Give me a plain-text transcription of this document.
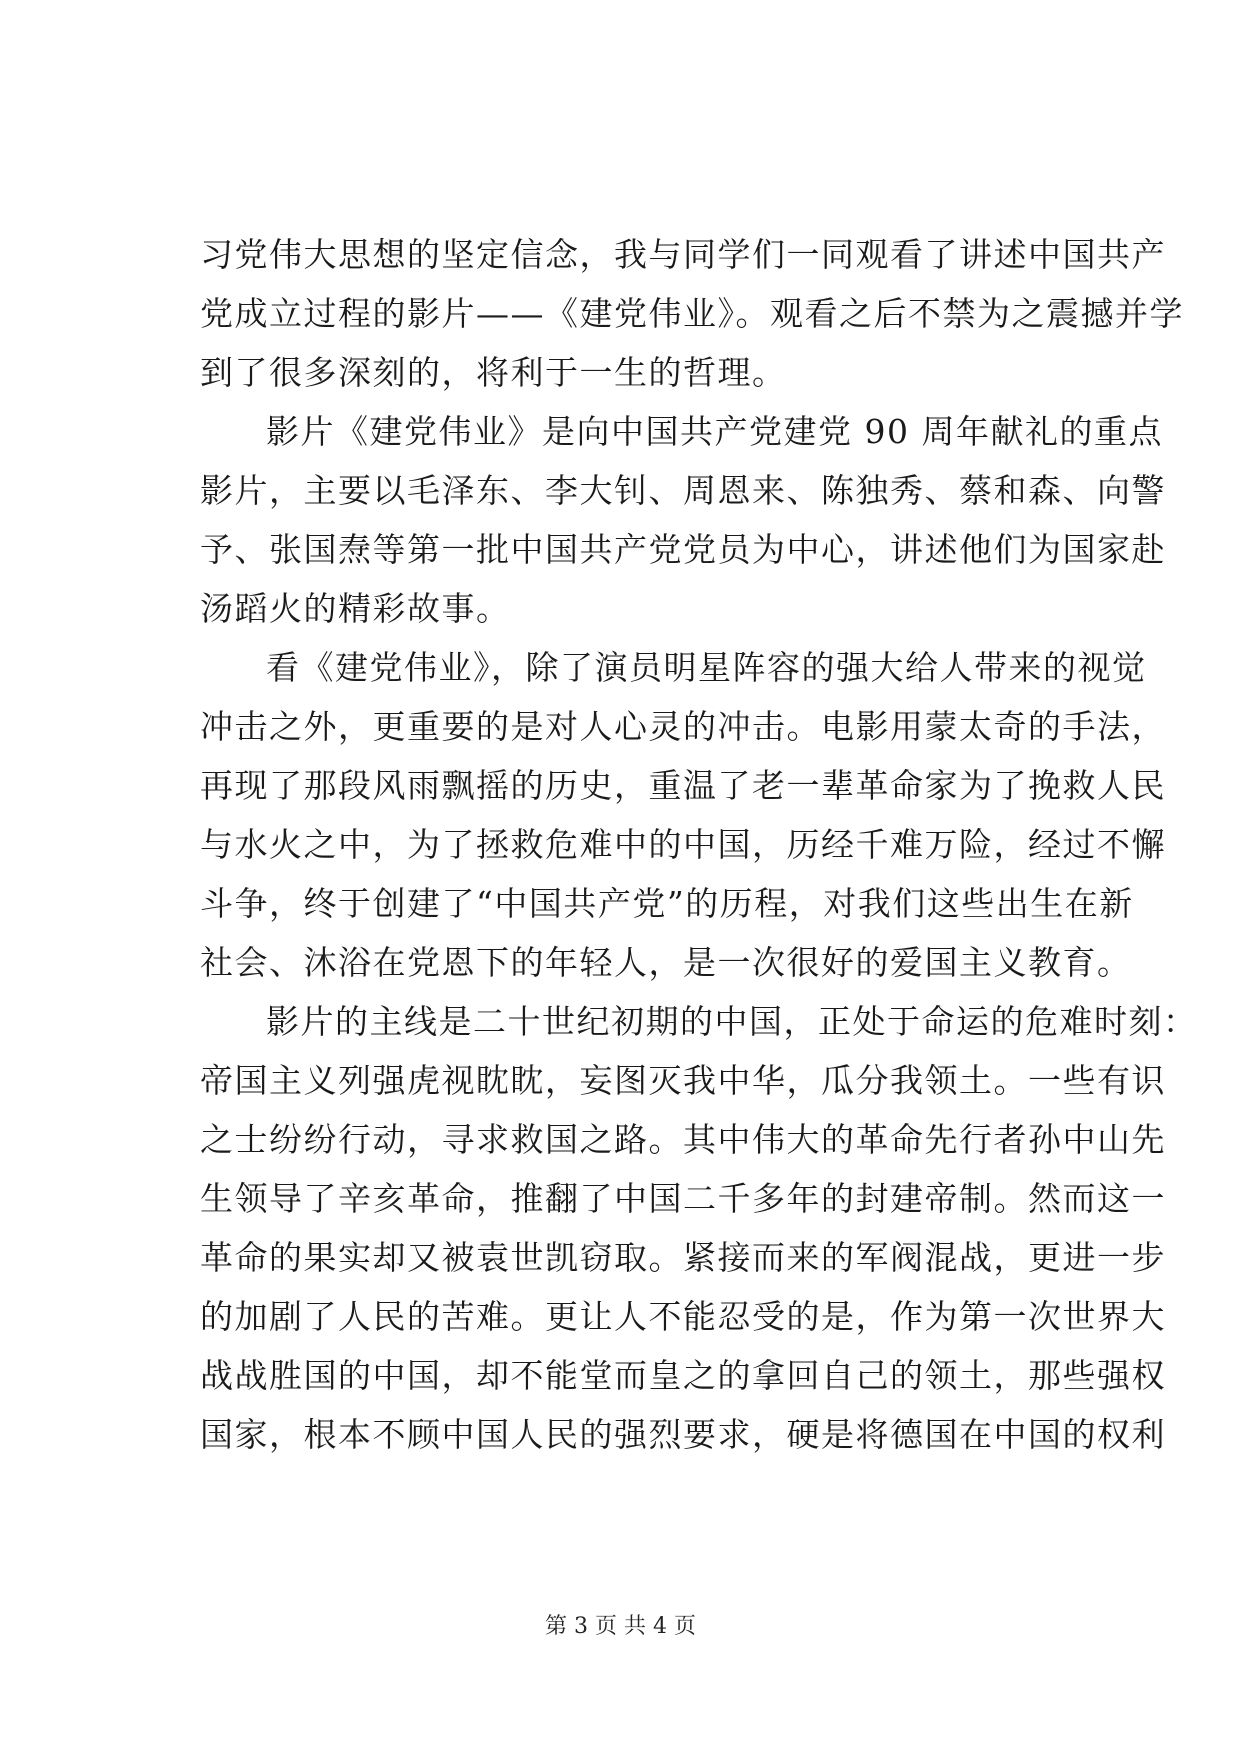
习党伟大思想的坚定信念，我与同学们一同观看了讲述中国共产
党成立过程的影片——《建党伟业》。观看之后不禁为之震撼并学
到了很多深刻的，将利于一生的哲理。
影片《建党伟业》是向中国共产党建党 90 周年献礼的重点
影片，主要以毛泽东、李大钊、周恩来、陈独秀、蔡和森、向警
予、张国焘等第一批中国共产党党员为中心，讲述他们为国家赴
汤蹈火的精彩故事。
看《建党伟业》，除了演员明星阵容的强大给人带来的视觉
冲击之外，更重要的是对人心灵的冲击。电影用蒙太奇的手法，
再现了那段风雨飘摇的历史，重温了老一辈革命家为了挽救人民
与水火之中，为了拯救危难中的中国，历经千难万险，经过不懈
斗争，终于创建了“中国共产党”的历程，对我们这些出生在新
社会、沐浴在党恩下的年轻人，是一次很好的爱国主义教育。
影片的主线是二十世纪初期的中国，正处于命运的危难时刻：
帝国主义列强虎视眈眈，妄图灭我中华，瓜分我领土。一些有识
之士纷纷行动，寻求救国之路。其中伟大的革命先行者孙中山先
生领导了辛亥革命，推翻了中国二千多年的封建帝制。然而这一
革命的果实却又被袁世凯窃取。紧接而来的军阀混战，更进一步
的加剧了人民的苦难。更让人不能忍受的是，作为第一次世界大
战战胜国的中国，却不能堂而皇之的拿回自己的领土，那些强权
国家，根本不顾中国人民的强烈要求，硬是将德国在中国的权利
第 3 页 共 4 页
